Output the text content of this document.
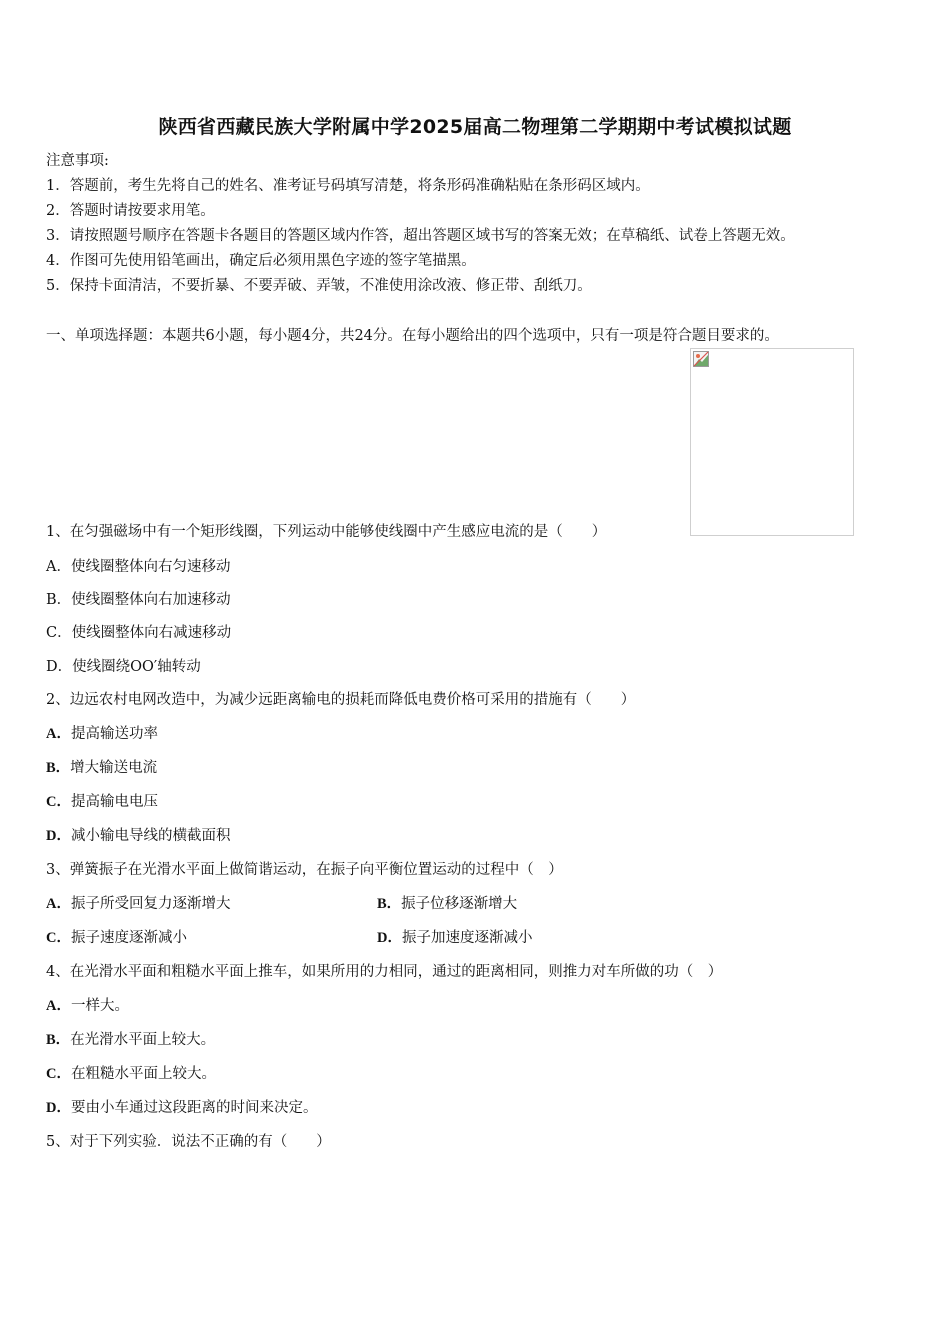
陕西省西藏民族大学附属中学2025届高二物理第二学期期中考试模拟试题
注意事项:
1．答题前，考生先将自己的姓名、准考证号码填写清楚，将条形码准确粘贴在条形码区域内。
2．答题时请按要求用笔。
3．请按照题号顺序在答题卡各题目的答题区域内作答，超出答题区域书写的答案无效；在草稿纸、试卷上答题无效。
4．作图可先使用铅笔画出，确定后必须用黑色字迹的签字笔描黑。
5．保持卡面清洁，不要折暴、不要弄破、弄皱，不准使用涂改液、修正带、刮纸刀。
一、单项选择题：本题共6小题，每小题4分，共24分。在每小题给出的四个选项中，只有一项是符合题目要求的。
1、在匀强磁场中有一个矩形线圈，下列运动中能够使线圈中产生感应电流的是（　　）
A．使线圈整体向右匀速移动
B．使线圈整体向右加速移动
C．使线圈整体向右减速移动
D．使线圈绕OO′轴转动
2、边远农村电网改造中，为减少远距离输电的损耗而降低电费价格可采用的措施有（　　）
A．提高输送功率
B．增大输送电流
C．提高输电电压
D．减小输电导线的横截面积
3、弹簧振子在光滑水平面上做简谐运动，在振子向平衡位置运动的过程中（　）
A．振子所受回复力逐渐增大	B．振子位移逐渐增大
C．振子速度逐渐减小	D．振子加速度逐渐减小
4、在光滑水平面和粗糙水平面上推车，如果所用的力相同，通过的距离相同，则推力对车所做的功（　）
A．一样大。
B．在光滑水平面上较大。
C．在粗糙水平面上较大。
D．要由小车通过这段距离的时间来决定。
5、对于下列实验．说法不正确的有（　　）
